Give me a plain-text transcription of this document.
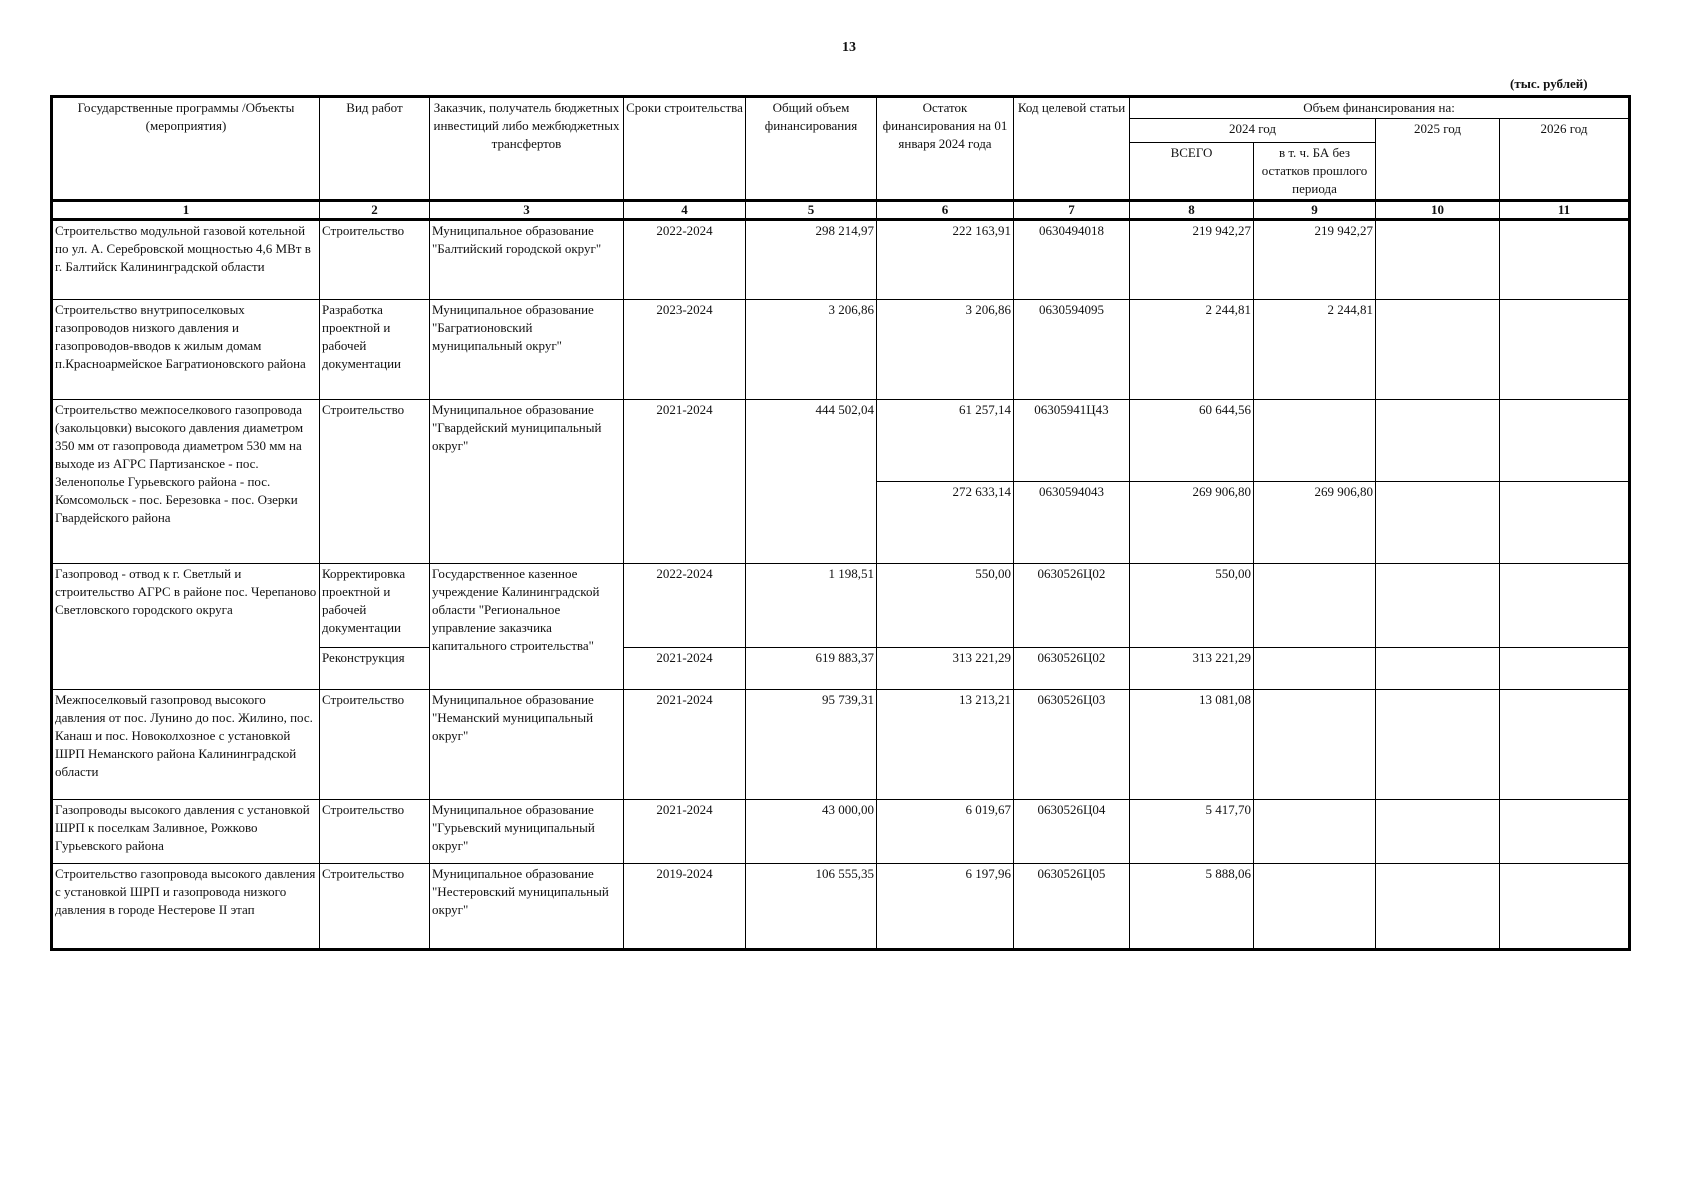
13
(тыс. рублей)
Государственные программы /Объекты (мероприятия)	Вид работ	Заказчик, получатель бюджетных инвестиций либо межбюджетных трансфертов	Сроки строительства	Общий объем финансирования	Остаток финансирования на 01 января 2024 года	Код целевой статьи	Объем финансирования на:			
							2024 год		2025 год	2026 год
							ВСЕГО	в т. ч. БА без остатков прошлого периода		
1	2	3	4	5	6	7	8	9	10	11
Строительство модульной газовой котельной по ул. А. Серебровской мощностью 4,6 МВт в г. Балтийск Калининградской области	Строительство	Муниципальное образование "Балтийский городской округ"	2022-2024	298 214,97	222 163,91	0630494018	219 942,27	219 942,27		
Строительство внутрипоселковых газопроводов низкого давления и газопроводов-вводов к жилым домам п.Красноармейское Багратионовского района	Разработка проектной и рабочей документации	Муниципальное образование "Багратионовский муниципальный округ"	2023-2024	3 206,86	3 206,86	0630594095	2 244,81	2 244,81		
Строительство межпоселкового газопровода (закольцовки) высокого давления диаметром 350 мм от газопровода диаметром 530 мм на выходе из АГРС Партизанское - пос. Зеленополье Гурьевского района - пос. Комсомольск - пос. Березовка - пос. Озерки Гвардейского района	Строительство	Муниципальное образование "Гвардейский муниципальный округ"	2021-2024	444 502,04	61 257,14	06305941Ц43	60 644,56			
					272 633,14	0630594043	269 906,80	269 906,80		
Газопровод - отвод к г. Светлый и строительство АГРС в районе пос. Черепаново Светловского городского округа	Корректировка проектной и рабочей документации	Государственное казенное учреждение Калининградской области "Региональное управление заказчика капитального строительства"	2022-2024	1 198,51	550,00	0630526Ц02	550,00			
	Реконструкция		2021-2024	619 883,37	313 221,29	0630526Ц02	313 221,29			
Межпоселковый газопровод высокого давления от пос. Лунино до пос. Жилино, пос. Канаш и пос. Новоколхозное с установкой ШРП Неманского района Калининградской области	Строительство	Муниципальное образование "Неманский муниципальный округ"	2021-2024	95 739,31	13 213,21	0630526Ц03	13 081,08			
Газопроводы высокого давления с установкой ШРП к поселкам Заливное, Рожково Гурьевского района	Строительство	Муниципальное образование "Гурьевский муниципальный округ"	2021-2024	43 000,00	6 019,67	0630526Ц04	5 417,70			
Строительство газопровода высокого давления с установкой ШРП и газопровода низкого давления в городе Нестерове II этап	Строительство	Муниципальное образование "Нестеровский муниципальный округ"	2019-2024	106 555,35	6 197,96	0630526Ц05	5 888,06			
